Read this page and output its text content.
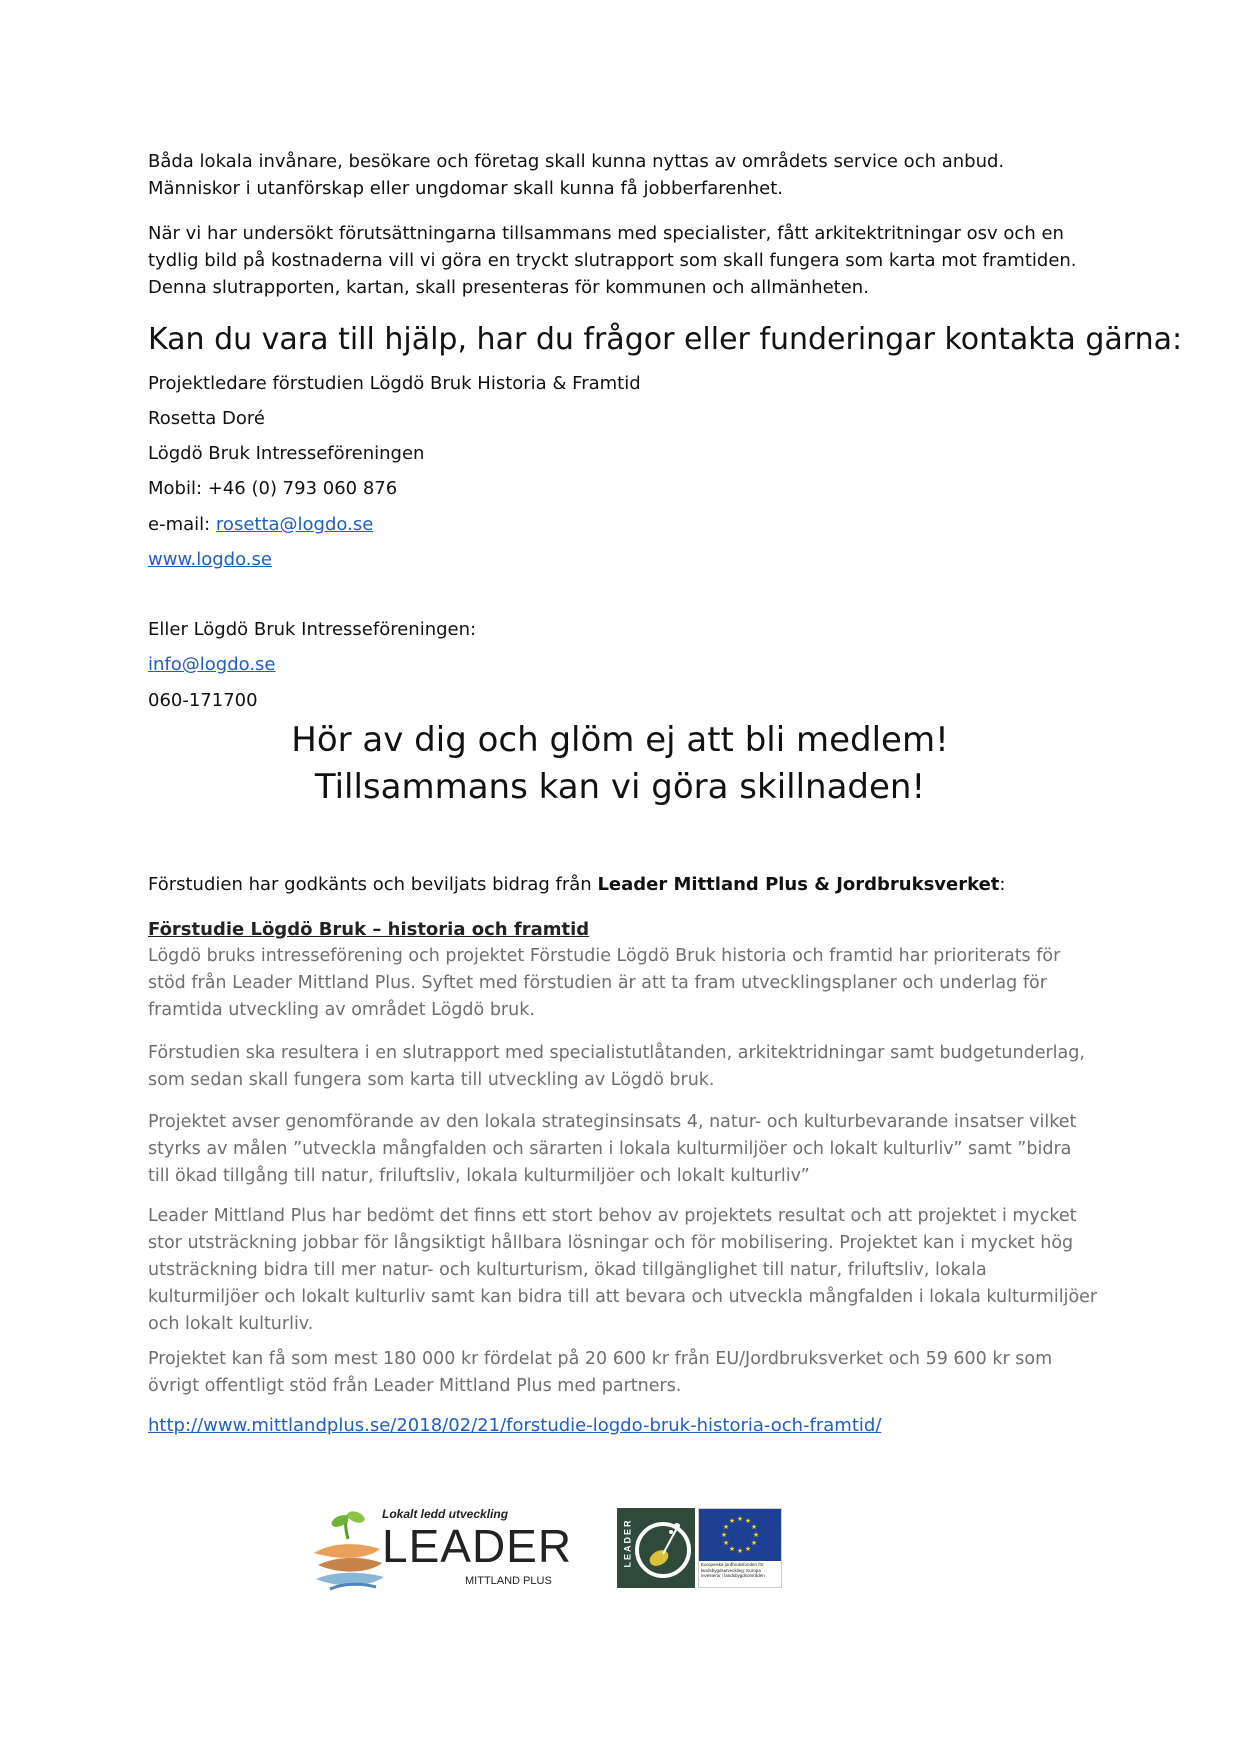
Båda lokala invånare, besökare och företag skall kunna nyttas av områdets service och anbud. Människor i utanförskap eller ungdomar skall kunna få jobberfarenhet.

När vi har undersökt förutsättningarna tillsammans med specialister, fått arkitektritningar osv och en tydlig bild på kostnaderna vill vi göra en tryckt slutrapport som skall fungera som karta mot framtiden. Denna slutrapporten, kartan, skall presenteras för kommunen och allmänheten.

Kan du vara till hjälp, har du frågor eller funderingar kontakta gärna:

Projektledare förstudien Lögdö Bruk Historia & Framtid

Rosetta Doré

Lögdö Bruk Intresseföreningen

Mobil: +46 (0) 793 060 876

e-mail: rosetta@logdo.se

www.logdo.se

Eller Lögdö Bruk Intresseföreningen:

info@logdo.se

060-171700

Hör av dig och glöm ej att bli medlem!

Tillsammans kan vi göra skillnaden!

Förstudien har godkänts och beviljats bidrag från Leader Mittland Plus & Jordbruksverket:

Förstudie Lögdö Bruk – historia och framtid

Lögdö bruks intresseförening och projektet Förstudie Lögdö Bruk historia och framtid har prioriterats för stöd från Leader Mittland Plus. Syftet med förstudien är att ta fram utvecklingsplaner och underlag för framtida utveckling av området Lögdö bruk.

Förstudien ska resultera i en slutrapport med specialistutlåtanden, arkitektridningar samt budgetunderlag, som sedan skall fungera som karta till utveckling av Lögdö bruk.

Projektet avser genomförande av den lokala strateginsinsats 4, natur- och kulturbevarande insatser vilket styrks av målen ”utveckla mångfalden och särarten i lokala kulturmiljöer och lokalt kulturliv” samt ”bidra till ökad tillgång till natur, friluftsliv, lokala kulturmiljöer och lokalt kulturliv”

Leader Mittland Plus har bedömt det finns ett stort behov av projektets resultat och att projektet i mycket stor utsträckning jobbar för långsiktigt hållbara lösningar och för mobilisering. Projektet kan i mycket hög utsträckning bidra till mer natur- och kulturturism, ökad tillgänglighet till natur, friluftsliv, lokala kulturmiljöer och lokalt kulturliv samt kan bidra till att bevara och utveckla mångfalden i lokala kulturmiljöer och lokalt kulturliv.

Projektet kan få som mest 180 000 kr fördelat på 20 600 kr från EU/Jordbruksverket och 59 600 kr som övrigt offentligt stöd från Leader Mittland Plus med partners.

http://www.mittlandplus.se/2018/02/21/forstudie-logdo-bruk-historia-och-framtid/

Lokalt ledd utveckling
LEADER
MITTLAND PLUS
LEADER	★ ★
★
★
★
★
★
★
★
★
★
★
Europeiska jordbruksfonden för landsbygdsutveckling: Europa investerar i landsbygdsområden
